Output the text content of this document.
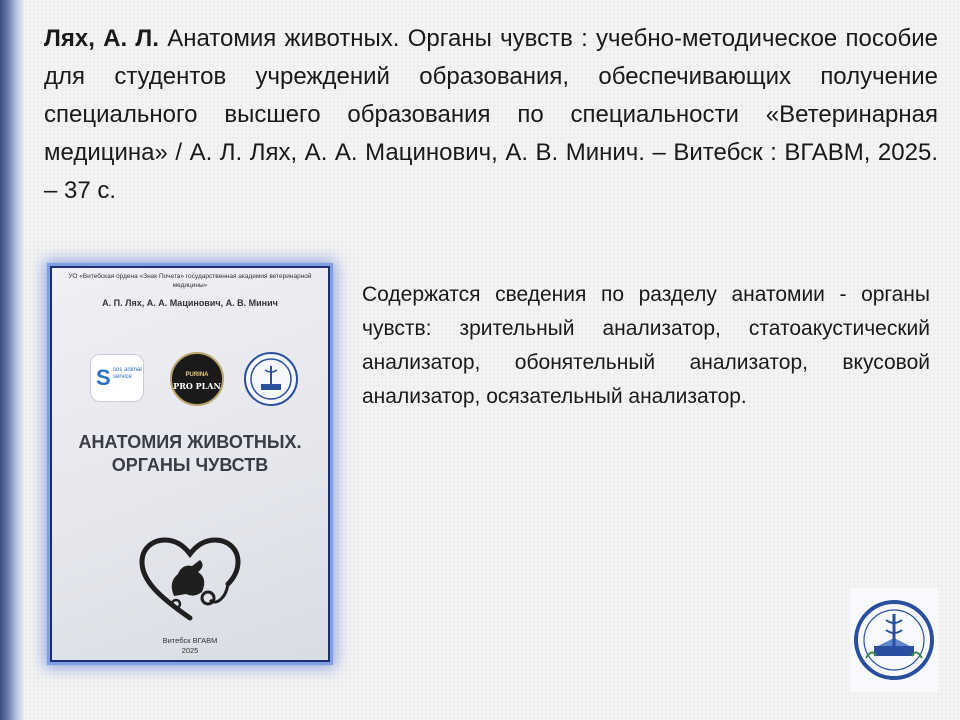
Лях, А. Л. Анатомия животных. Органы чувств : учебно-методическое пособие для студентов учреждений образования, обеспечивающих получение специального высшего образования по специальности «Ветеринарная медицина» / А. Л. Лях, А. А. Мацинович, А. В. Минич. – Витебск : ВГАВМ, 2025. – 37 с.

УО «Витебская ордена «Знак Почета» государственная академия ветеринарной медицины»
А. П. Лях, А. А. Мацинович, А. В. Минич
S sos animal service	PURINA
PRO PLAN
АНАТОМИЯ ЖИВОТНЫХ.
ОРГАНЫ ЧУВСТВ
Витебск ВГАВМ
2025

Содержатся сведения по разделу анатомии - органы чувств: зрительный анализатор, статоакустический анализатор, обонятельный анализатор, вкусовой анализатор, осязательный анализатор.
